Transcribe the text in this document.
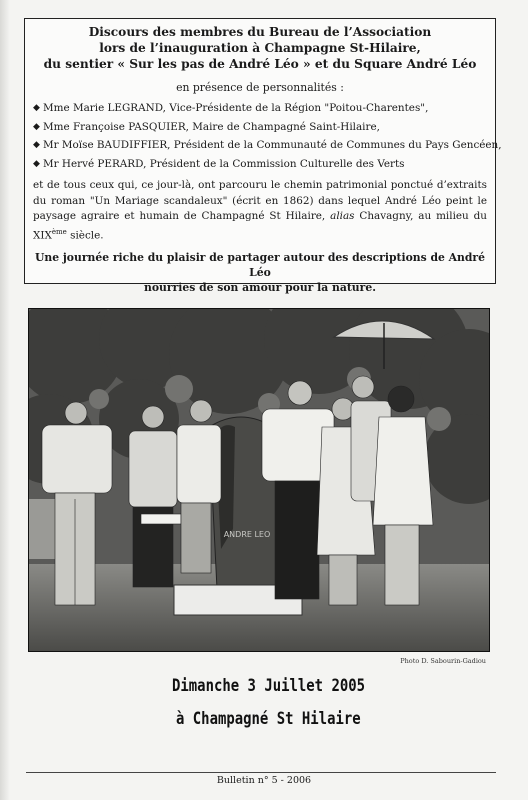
Discours des membres du Bureau de l’Association
lors de l’inauguration à Champagne St-Hilaire,
du sentier « Sur les pas de André Léo » et du Square André Léo

en présence de personnalités :
◆ Mme Marie LEGRAND, Vice-Présidente de la Région "Poitou-Charentes",
◆ Mme Françoise PASQUIER, Maire de Champagné Saint-Hilaire,
◆ Mr Moïse BAUDIFFIER, Président de la Communauté de Communes du Pays Gencéen,
◆ Mr Hervé PERARD, Président de la Commission Culturelle des Verts

et de tous ceux qui, ce jour-là, ont parcouru le chemin patrimonial ponctué d’extraits du roman "Un Mariage scandaleux" (écrit en 1862) dans lequel André Léo peint le paysage agraire et humain de Champagné St Hilaire, alias Chavagny, au milieu du XIXème siècle.

Une journée riche du plaisir de partager autour des descriptions de André Léo
nourries de son amour pour la nature.
ANDRE LEO
Photo D. Sabourin-Gadiou
Dimanche 3 Juillet 2005
à Champagné St Hilaire
Bulletin n° 5 - 2006
